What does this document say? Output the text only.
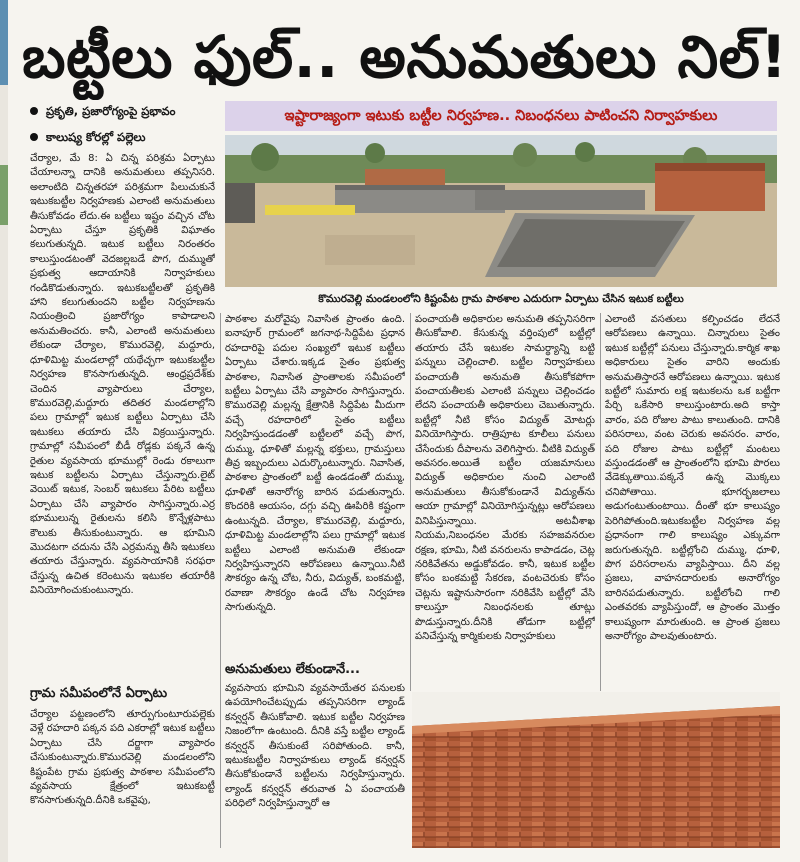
బట్టీలు ఫుల్.. అనుమతులు నిల్!
ప్రకృతి, ప్రజారోగ్యంపై ప్రభావం
కాలుష్య కోరల్లో పల్లెలు
ఇష్టారాజ్యంగా ఇటుకు బట్టీల నిర్వహణ.. నిబంధనలు పాటించని నిర్వాహకులు
కొమురవెల్లి మండలంలోని కిష్టంపేట గ్రామ పాఠశాల ఎదురుగా ఏర్పాటు చేసిన ఇటుక బట్టీలు

చేర్యాల, మే 8: ఏ చిన్న పరిశ్రమ ఏర్పాటు చేయాలన్నా దానికి అనుమతులు తప్పనిసరి. అలాంటిది చిన్నతరహా పరిశ్రమగా పిలుచుకునే ఇటుకబట్టీల నిర్వహణకు ఎలాంటి అనుమతులు తీసుకోవడం లేదు.ఈ బట్టీలు ఇష్టం వచ్చిన చోట ఏర్పాటు చేస్తూ ప్రకృతికి విఘాతం కలుగుతున్నది. ఇటుక బట్టీలు నిరంతరం కాలుస్తుండటంతో వెదజల్లబడే పొగ, దుమ్ముతో ప్రభుత్వ ఆదాయానికి నిర్వాహకులు గండికొడుతున్నారు. ఇటుకబట్టీలతో ప్రకృతికి హాని కలుగుతుందని బట్టీల నిర్వహణను నియంత్రించి ప్రజారోగ్యం కాపాడాలని అనుమతించరు. కానీ, ఎలాంటి అనుమతులు లేకుండా చేర్యాల, కొమురవెల్లి, మద్దూరు, ధూళిమిట్ట మండలాల్లో యథేచ్ఛగా ఇటుకబట్టీల నిర్వహణ కొనసాగుతున్నది. ఆంధ్రప్రదేశ్‌కు చెందిన వ్యాపారులు చేర్యాల, కొమురవెల్లి,మద్దూరు తదితర మండలాల్లోని పలు గ్రామాల్లో ఇటుక బట్టీలు ఏర్పాటు చేసి ఇటుకలు తయారు చేసి విక్రయిస్తున్నారు. గ్రామాల్లో సమీపంలో బీడీ రోడ్లకు పక్కనే ఉన్న రైతుల వ్యవసాయ భూముల్లో రెండు రకాలుగా ఇటుక బట్టీలను ఏర్పాటు చేస్తున్నారు.లైట్ వెయిట్ ఇటుక, సెంబర్ ఇటుకలు పేరిట బట్టీలు ఏర్పాటు చేసి వ్యాపారం సాగిస్తున్నారు.ఎర్ర భూములున్న రైతులను కలిసి కొన్నేళ్లపాటు కౌలుకు తీసుకుంటున్నారు. ఆ భూమిని మొదటగా చదును చేసి ఎర్రమన్ను తీసి ఇటుకలు తయారు చేస్తున్నారు. వ్యవసాయానికి సరఫరా చేస్తున్న ఉచిత కరెంటును ఇటుకల తయారీకి వినియోగించుకుంటున్నారు.

గ్రామ సమీపంలోనే ఏర్పాటు

చేర్యాల పట్టణంలోని తూర్పుగుంటూరుపల్లెకు వెళ్లే రహదారి పక్కన పది ఎకరాల్లో ఇటుక బట్టీలు ఏర్పాటు చేసి దర్జాగా వ్యాపారం చేసుకుంటున్నారు.కొమురవెల్లి మండలంలోని కిష్టంపేట గ్రామ ప్రభుత్వ పాఠశాల సమీపంలోని వ్యవసాయ క్షేత్రంలో ఇటుకబట్టీ కొనసాగుతున్నది.దీనికి ఒకవైపు,

పాఠశాల మరోవైపు నివాసిత ప్రాంతం ఉంది. ఐనాపూర్ గ్రామంలో జగనాథ-సిద్దిపేట ప్రధాన రహదారిపై పదుల సంఖ్యలో ఇటుక బట్టీలు ఏర్పాటు చేశారు.ఇక్కడ సైతం ప్రభుత్వ పాఠశాల, నివాసిత ప్రాంతాలకు సమీపంలో బట్టీలు ఏర్పాటు చేసి వ్యాపారం సాగిస్తున్నారు. కొమురవెల్లి మల్లన్న క్షేత్రానికి సిద్దిపేట మీదుగా వచ్చే రహదారిలో సైతం బట్టీలు నిర్వహిస్తుండడంతో బట్టీలలో వచ్చే పొగ, దుమ్ము, ధూళితో మల్లన్న భక్తులు, గ్రామస్తులు తీవ్ర ఇబ్బందులు ఎదుర్కొంటున్నారు. నివాసిత, పాఠశాల ప్రాంతంలో బట్టీ ఉండడంతో దుమ్ము, ధూళితో ఆనారోగ్య బారిన పడుతున్నారు. కొందరికి ఆయసం, దగ్గు వచ్చి ఊపిరికి కష్టంగా ఉంటున్నది. చేర్యాల, కొమురవెల్లి, మద్దూరు, ధూళిమిట్ట మండలాల్లోని పలు గ్రామాల్లో ఇటుక బట్టీలు ఎలాంటి అనుమతి లేకుండా నిర్వహిస్తున్నారని ఆరోపణలు ఉన్నాయి.నీటి సౌకర్యం ఉన్న చోట, నీరు, విద్యుత్, బంకమట్టి, రవాణా సౌకర్యం ఉండే చోట నిర్వహణ సాగుతున్నది.

అనుమతులు లేకుండానే...

వ్యవసాయ భూమిని వ్యవసాయేతర పనులకు ఉపయోగించేటప్పుడు తప్పనిసరిగా ల్యాండ్ కన్వర్షన్ తీసుకోవాలి. ఇటుక బట్టీల నిర్వహణ నిజంలోగా ఉంటుంది. దీనికి వస్తే బట్టీల ల్యాండ్ కన్వర్షన్ తీసుకుంటే సరిపోతుంది. కానీ, ఇటుకబట్టీల నిర్వాహకులు ల్యాండ్ కన్వర్షన్ తీసుకోకుండానే బట్టీలను నిర్వహిస్తున్నారు. ల్యాండ్ కన్వర్షన్ తరువాత ఏ పంచాయతీ పరిధిలో నిర్వహిస్తున్నారో ఆ

పంచాయతీ అధికారుల అనుమతి తప్పనిసరిగా తీసుకోవాలి. కేసుకున్న వర్తింపులో బట్టీల్లో తయారు చేసే ఇటుకల సామర్థ్యాన్ని బట్టి పన్నులు చెల్లించాలి. బట్టీల నిర్వాహకులు పంచాయతీ అనుమతి తీసుకోకపోగా పంచాయతీలకు ఎలాంటి పన్నులు చెల్లించడం లేదని పంచాయతీ అధికారులు చెబుతున్నారు. బట్టీల్లో నీటి కోసం విద్యుత్ మోటర్లు వినియోగిస్తారు. రాత్రిపూట కూలీలు పనులు చేసేందుకు దీపాలను వెలిగిస్తారు. వీటికి విద్యుత్ అవసరం.అయితే బట్టీల యజమానులు విద్యుత్ అధికారుల నుంచి ఎలాంటి అనుమతులు తీసుకోకుండానే విద్యుత్‌ను ఆయా గ్రామాల్లో వినియోగిస్తున్నట్లు ఆరోపణలు వినిపిస్తున్నాయి. అటవీశాఖ నియమ,నిబంధనల మేరకు సహజవనరుల రక్షణ, భూమి, నీటి వనరులను కాపాడడం, చెట్ల నరికివేతను అడ్డుకోవడం. కానీ, ఇటుక బట్టీల కోసం బంకమట్టి సేకరణ, వంటచెరుకు కోసం చెట్లను ఇష్టానుసారంగా నరికివేసి బట్టీల్లో వేసి కాలుస్తూ నిబంధనలకు తూట్లు పొడుస్తున్నారు.దీనికి తోడుగా బట్టీల్లో పనిచేస్తున్న కార్మికులకు నిర్వాహకులు

ఎలాంటి వసతులు కల్పించడం లేదనే ఆరోపణలు ఉన్నాయి. చిన్నారులు సైతం ఇటుక బట్టీల్లో పనులు చేస్తున్నారు.కార్మిక శాఖ అధికారులు సైతం వారిని అందుకు అనుమతిస్తారనే ఆరోపణలు ఉన్నాయి. ఇటుక బట్టీలో సుమారు లక్ష ఇటుకలను ఒక బట్టీగా పేర్చి ఒకేసారి కాలుస్తుంటారు.అది కాస్తా వారం, పది రోజుల పాటు కాలుతుంది. దానికి పరిసరాలు, వంట చెరుకు అవసరం. వారం, పది రోజుల పాటు బట్టీల్లో మంటలు వస్తుండడంతో ఆ ప్రాంతంలోని భూమి పొరలు వేడెక్కుతాయి.పక్కనే ఉన్న మొక్కలు చనిపోతాయి. భూగర్భజలాలు అడుగంటుతుంటాయి. దీంతో భూ కాలుష్యం పెరిగిపోతుంది.ఇటుకబట్టీల నిర్వహణ వల్ల ప్రధానంగా గాలి కాలుష్యం ఎక్కువగా జరుగుతున్నది. బట్టీల్లోంచి దుమ్ము, ధూళి, పొగ పరిసరాలను వ్యాపిస్తాయి. దీని వల్ల ప్రజలు, వాహనదారులకు అనారోగ్యం బారినపడుతున్నారు. బట్టీలోంచి గాలి ఎంతవరకు వ్యాపిస్తుందో, ఆ ప్రాంతం మొత్తం కాలుష్యంగా మారుతుంది. ఆ ప్రాంత ప్రజలు అనారోగ్యం పాలవుతుంటారు.
